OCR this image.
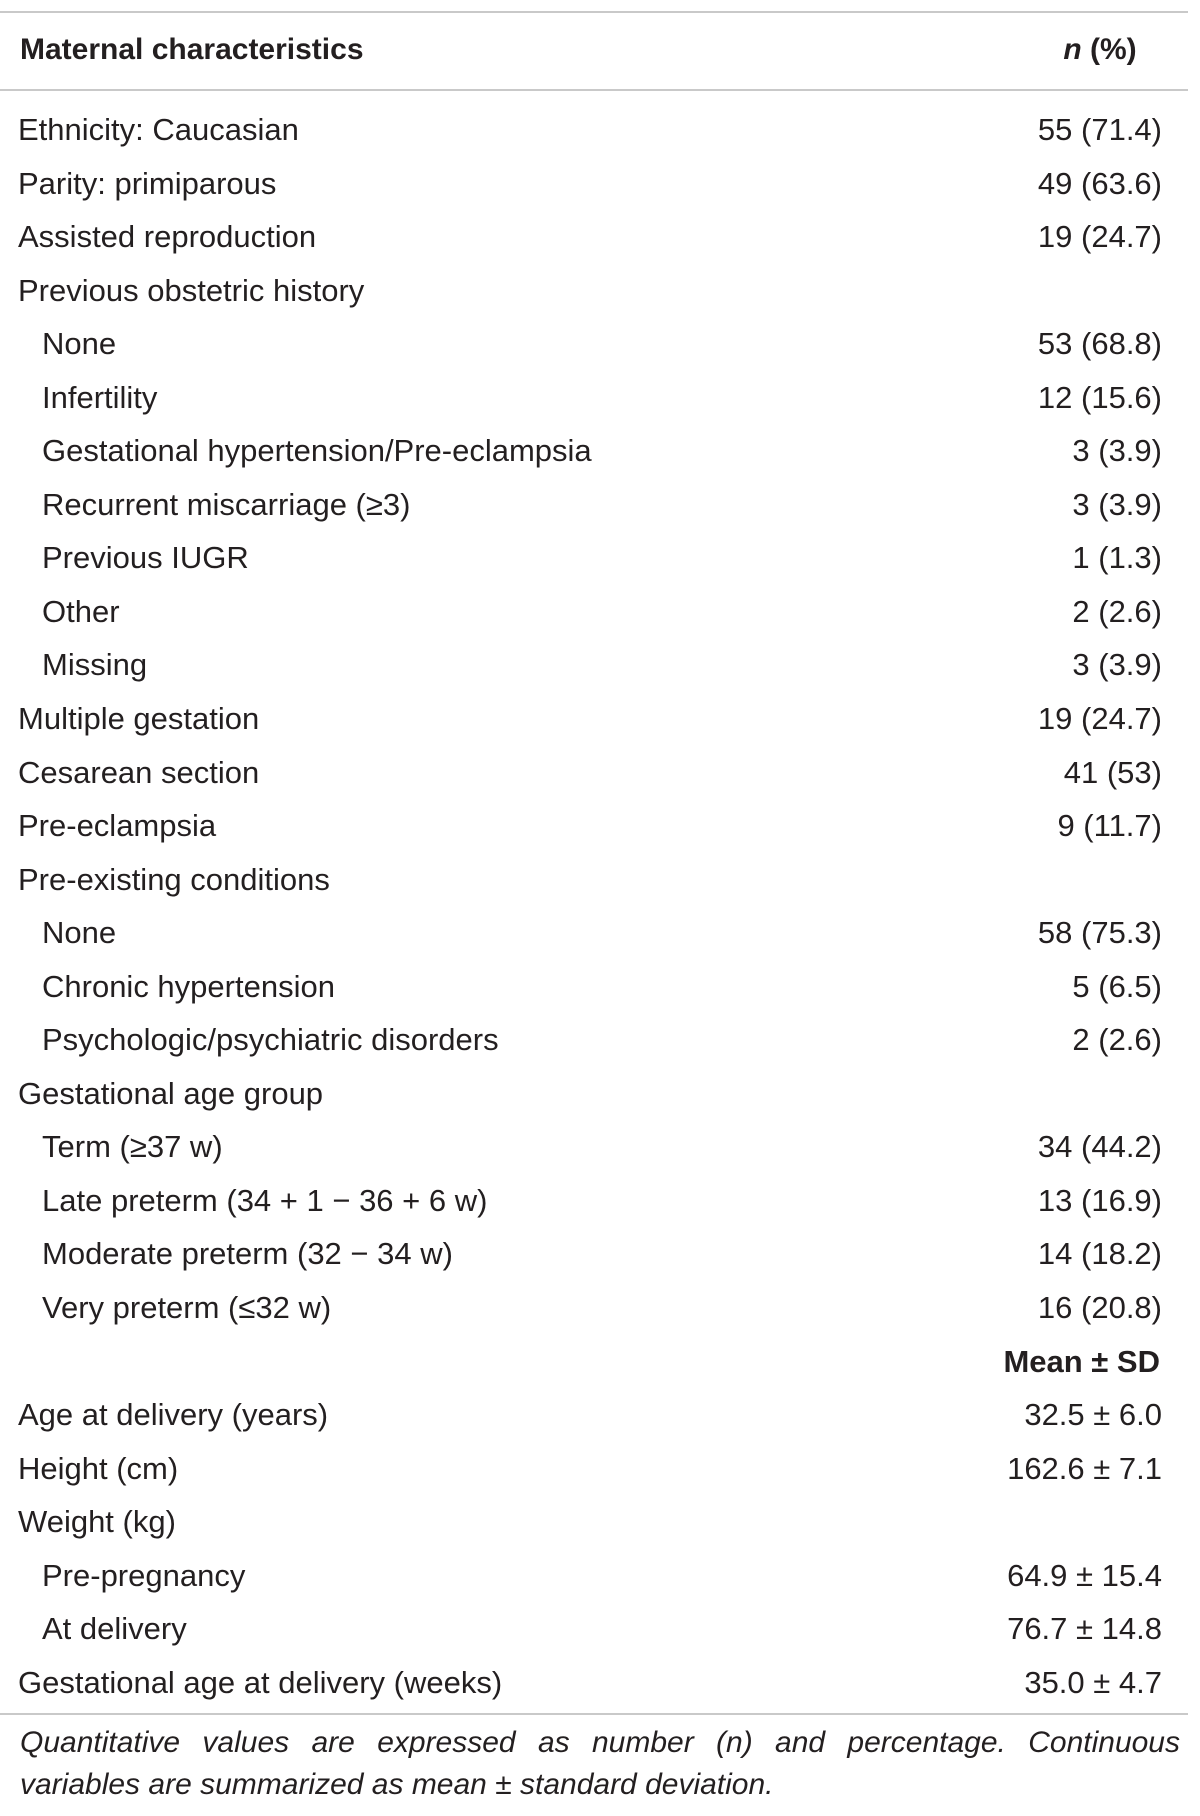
Maternal characteristics	n (%)
Ethnicity: Caucasian	55 (71.4)
Parity: primiparous	49 (63.6)
Assisted reproduction	19 (24.7)
Previous obstetric history
None	53 (68.8)
Infertility	12 (15.6)
Gestational hypertension/Pre-eclampsia	3 (3.9)
Recurrent miscarriage (≥3)	3 (3.9)
Previous IUGR	1 (1.3)
Other	2 (2.6)
Missing	3 (3.9)
Multiple gestation	19 (24.7)
Cesarean section	41 (53)
Pre-eclampsia	9 (11.7)
Pre-existing conditions
None	58 (75.3)
Chronic hypertension	5 (6.5)
Psychologic/psychiatric disorders	2 (2.6)
Gestational age group
Term (≥37 w)	34 (44.2)
Late preterm (34 + 1 − 36 + 6 w)	13 (16.9)
Moderate preterm (32 − 34 w)	14 (18.2)
Very preterm (≤32 w)	16 (20.8)
Mean ± SD
Age at delivery (years)	32.5 ± 6.0
Height (cm)	162.6 ± 7.1
Weight (kg)
Pre-pregnancy	64.9 ± 15.4
At delivery	76.7 ± 14.8
Gestational age at delivery (weeks)	35.0 ± 4.7
Quantitative values are expressed as number (n) and percentage. Continuous variables are summarized as mean ± standard deviation.
